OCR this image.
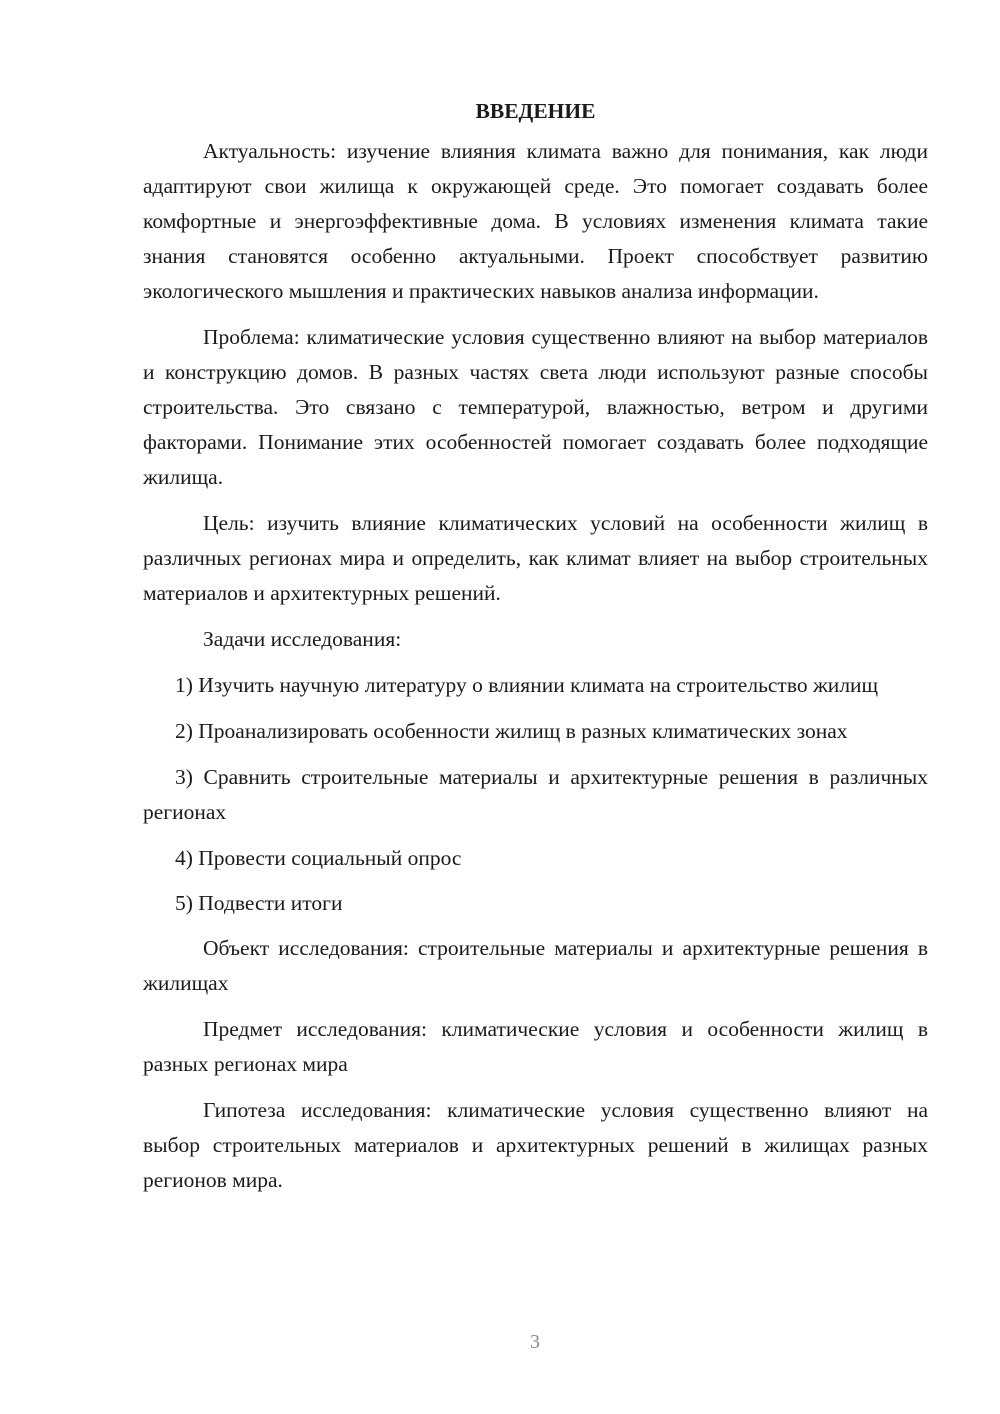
ВВЕДЕНИЕ

Актуальность: изучение влияния климата важно для понимания, как люди адаптируют свои жилища к окружающей среде. Это помогает создавать более комфортные и энергоэффективные дома. В условиях изменения климата такие знания становятся особенно актуальными. Проект способствует развитию экологического мышления и практических навыков анализа информации.

Проблема: климатические условия существенно влияют на выбор материалов и конструкцию домов. В разных частях света люди используют разные способы строительства. Это связано с температурой, влажностью, ветром и другими факторами. Понимание этих особенностей помогает создавать более подходящие жилища.

Цель: изучить влияние климатических условий на особенности жилищ в различных регионах мира и определить, как климат влияет на выбор строительных материалов и архитектурных решений.

Задачи исследования:

1) Изучить научную литературу о влиянии климата на строительство жилищ

2) Проанализировать особенности жилищ в разных климатических зонах

3) Сравнить строительные материалы и архитектурные решения в различных регионах

4) Провести социальный опрос

5) Подвести итоги

Объект исследования: строительные материалы и архитектурные решения в жилищах

Предмет исследования: климатические условия и особенности жилищ в разных регионах мира

Гипотеза исследования: климатические условия существенно влияют на выбор строительных материалов и архитектурных решений в жилищах разных регионов мира.

3
